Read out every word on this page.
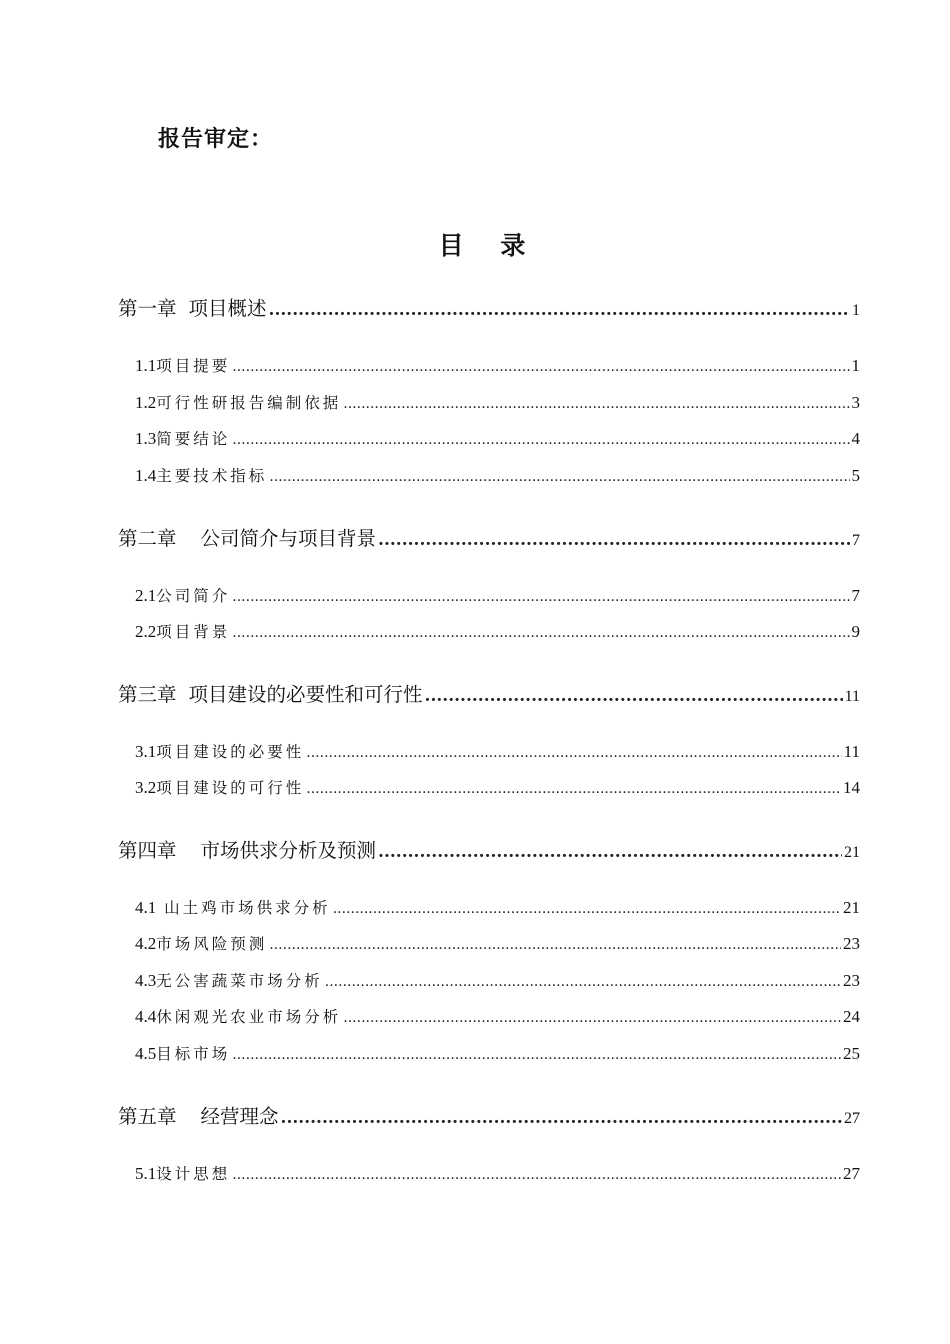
报告审定：
目 录
第一章 项目概述 .....	1
1.1 项目提要 .....	1
1.2 可行性研报告编制依据 .....	3
1.3 简要结论 .....	4
1.4 主要技术指标 .....	5
第二章 公司简介与项目背景 .....	7
2.1 公司简介 .....	7
2.2 项目背景 .....	9
第三章 项目建设的必要性和可行性 .....	11
3.1 项目建设的必要性 .....	11
3.2 项目建设的可行性 .....	14
第四章 市场供求分析及预测 .....	21
4.1 山土鸡市场供求分析 .....	21
4.2 市场风险预测 .....	23
4.3 无公害蔬菜市场分析 .....	23
4.4 休闲观光农业市场分析 .....	24
4.5 目标市场 .....	25
第五章 经营理念 .....	27
5.1 设计思想 .....	27
